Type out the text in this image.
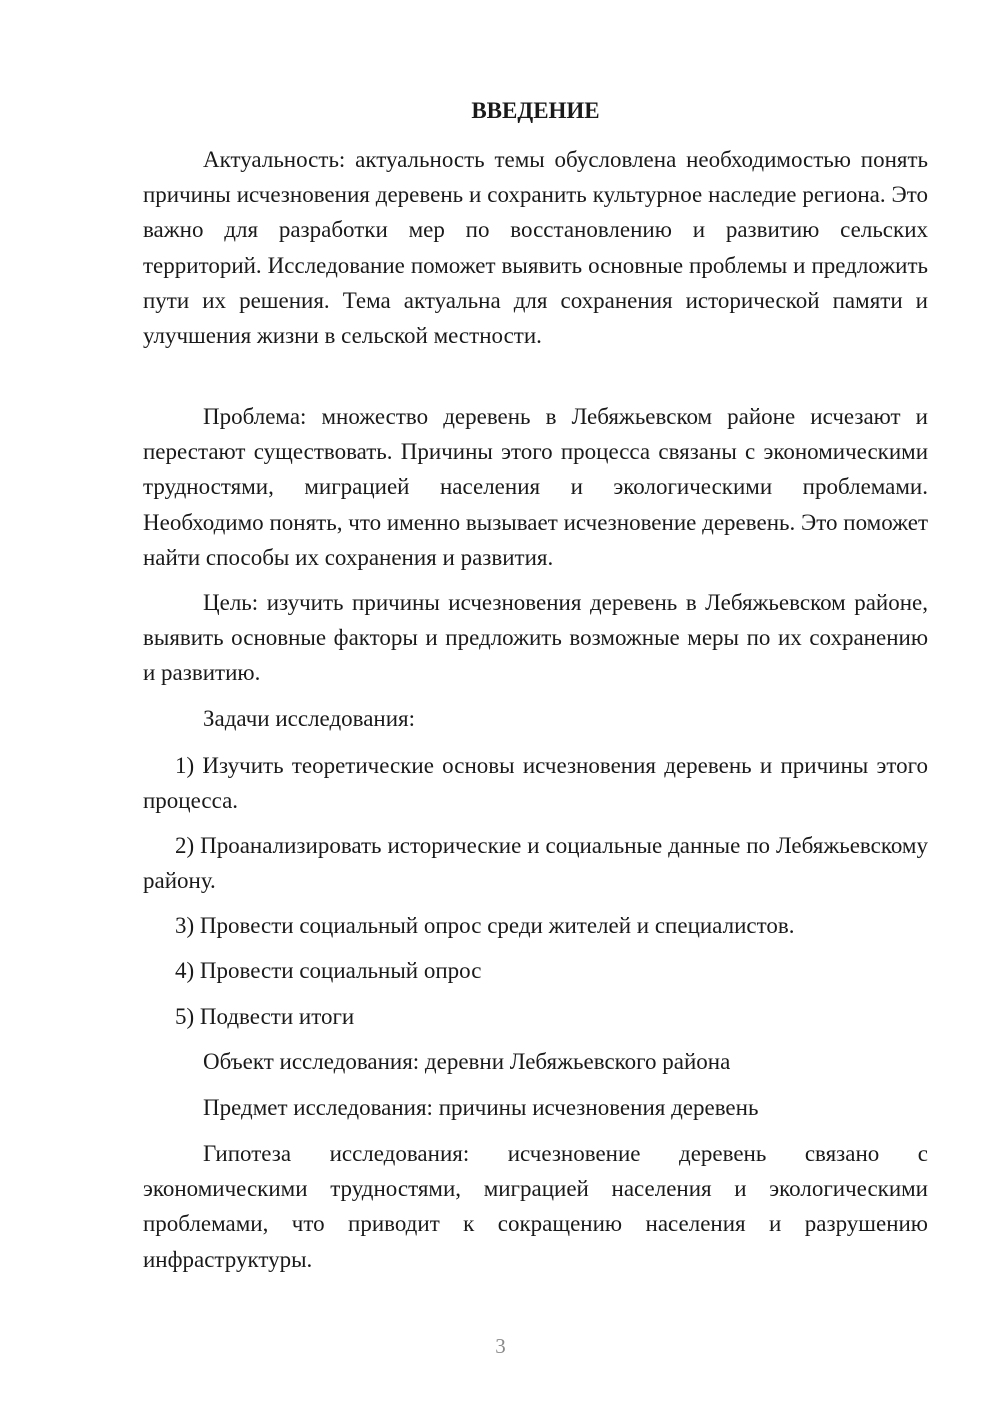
ВВЕДЕНИЕ

Актуальность: актуальность темы обусловлена необходимостью понять причины исчезновения деревень и сохранить культурное наследие региона. Это важно для разработки мер по восстановлению и развитию сельских территорий. Исследование поможет выявить основные проблемы и предложить пути их решения. Тема актуальна для сохранения исторической памяти и улучшения жизни в сельской местности.

Проблема: множество деревень в Лебяжьевском районе исчезают и перестают существовать. Причины этого процесса связаны с экономическими трудностями, миграцией населения и экологическими проблемами. Необходимо понять, что именно вызывает исчезновение деревень. Это поможет найти способы их сохранения и развития.

Цель: изучить причины исчезновения деревень в Лебяжьевском районе, выявить основные факторы и предложить возможные меры по их сохранению и развитию.

Задачи исследования:

1) Изучить теоретические основы исчезновения деревень и причины этого процесса.

2) Проанализировать исторические и социальные данные по Лебяжьевскому району.

3) Провести социальный опрос среди жителей и специалистов.

4) Провести социальный опрос

5) Подвести итоги

Объект исследования: деревни Лебяжьевского района

Предмет исследования: причины исчезновения деревень

Гипотеза исследования: исчезновение деревень связано с экономическими трудностями, миграцией населения и экологическими проблемами, что приводит к сокращению населения и разрушению инфраструктуры.

3
